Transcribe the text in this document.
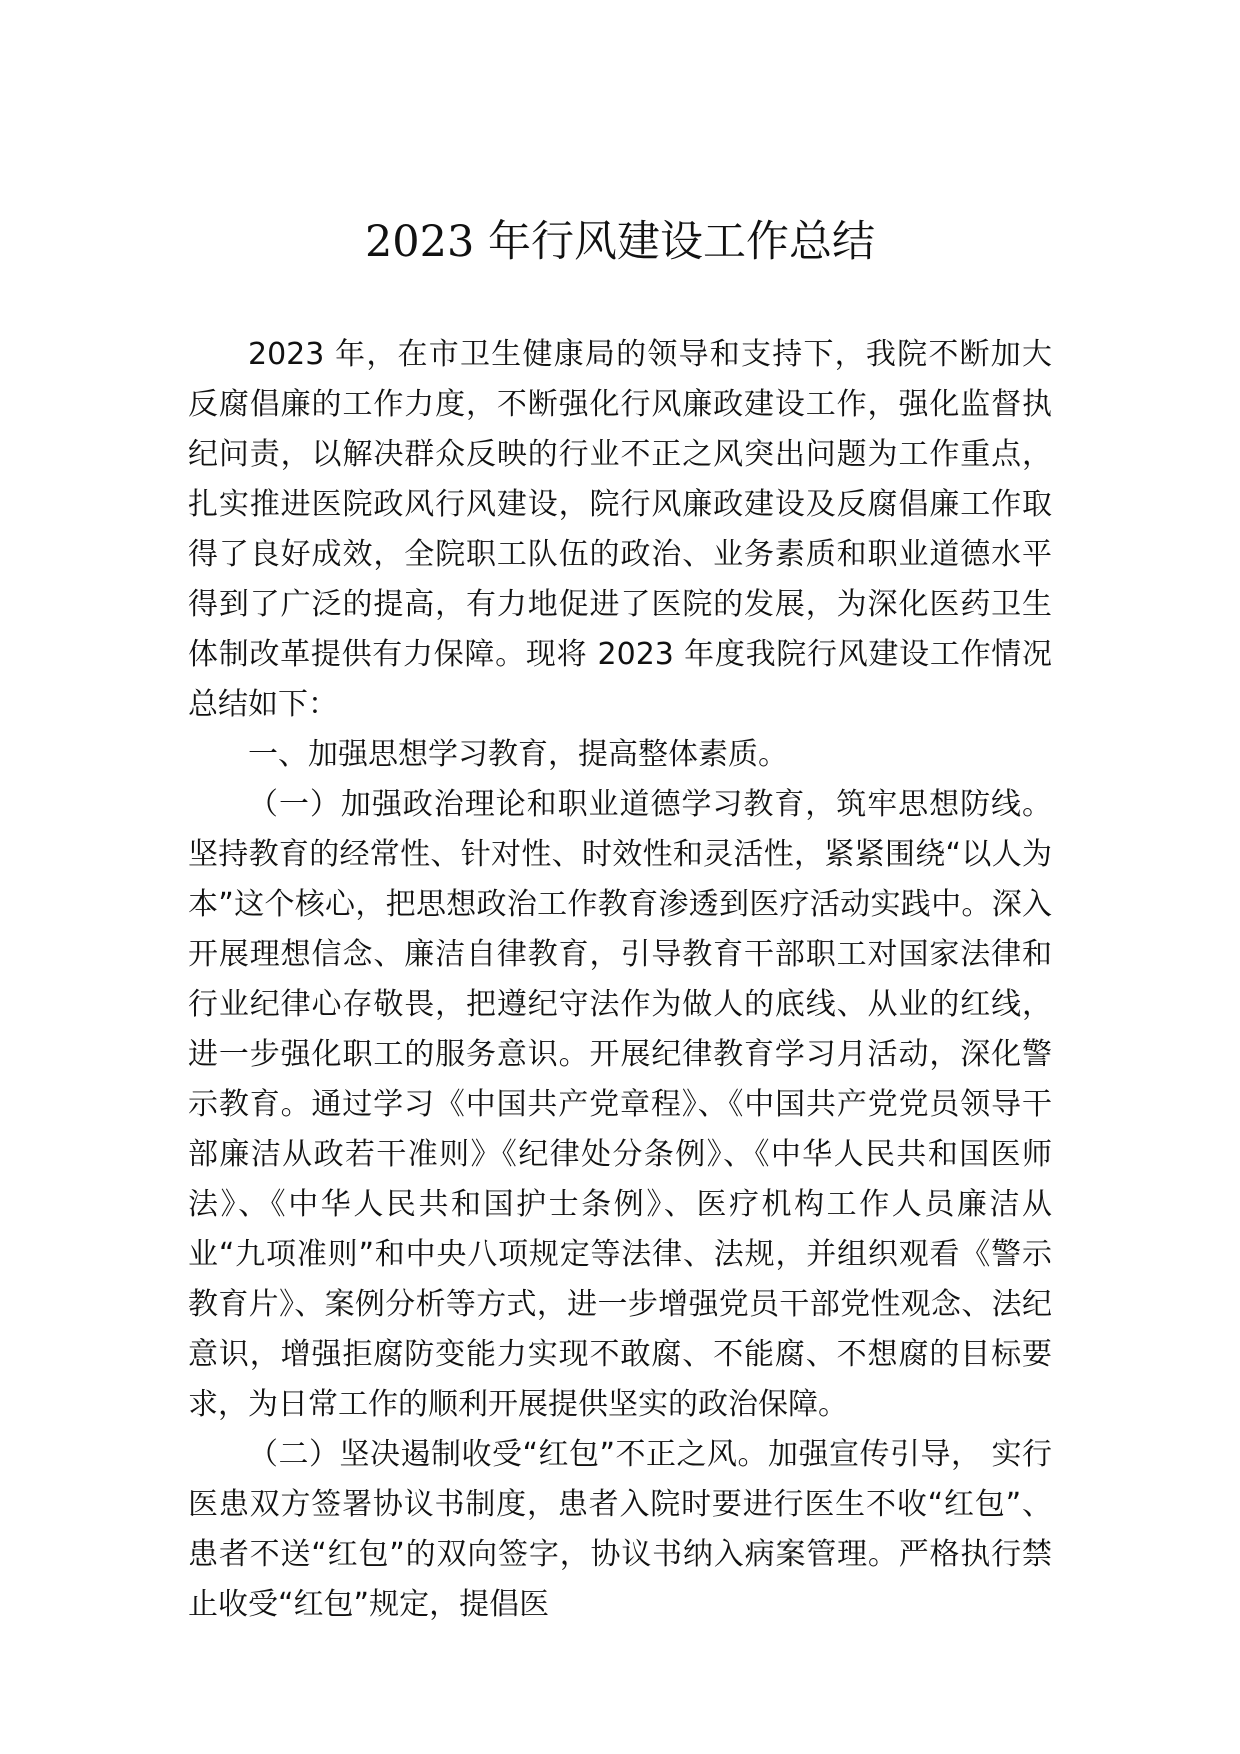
2023 年行风建设工作总结

2023 年，在市卫生健康局的领导和支持下，我院不断加大反腐倡廉的工作力度，不断强化行风廉政建设工作，强化监督执纪问责，以解决群众反映的行业不正之风突出问题为工作重点，扎实推进医院政风行风建设，院行风廉政建设及反腐倡廉工作取得了良好成效，全院职工队伍的政治、业务素质和职业道德水平得到了广泛的提高，有力地促进了医院的发展，为深化医药卫生体制改革提供有力保障。现将 2023 年度我院行风建设工作情况总结如下：

一、加强思想学习教育，提高整体素质。

（一）加强政治理论和职业道德学习教育，筑牢思想防线。坚持教育的经常性、针对性、时效性和灵活性，紧紧围绕“以人为本”这个核心，把思想政治工作教育渗透到医疗活动实践中。深入开展理想信念、廉洁自律教育，引导教育干部职工对国家法律和行业纪律心存敬畏，把遵纪守法作为做人的底线、从业的红线，进一步强化职工的服务意识。开展纪律教育学习月活动，深化警示教育。通过学习《中国共产党章程》、《中国共产党党员领导干部廉洁从政若干准则》《纪律处分条例》、《中华人民共和国医师法》、《中华人民共和国护士条例》、医疗机构工作人员廉洁从业“九项准则”和中央八项规定等法律、法规，并组织观看《警示教育片》、案例分析等方式，进一步增强党员干部党性观念、法纪意识，增强拒腐防变能力实现不敢腐、不能腐、不想腐的目标要求，为日常工作的顺利开展提供坚实的政治保障。

（二）坚决遏制收受“红包”不正之风。加强宣传引导， 实行医患双方签署协议书制度，患者入院时要进行医生不收“红包”、患者不送“红包”的双向签字，协议书纳入病案管理。严格执行禁止收受“红包”规定，提倡医
